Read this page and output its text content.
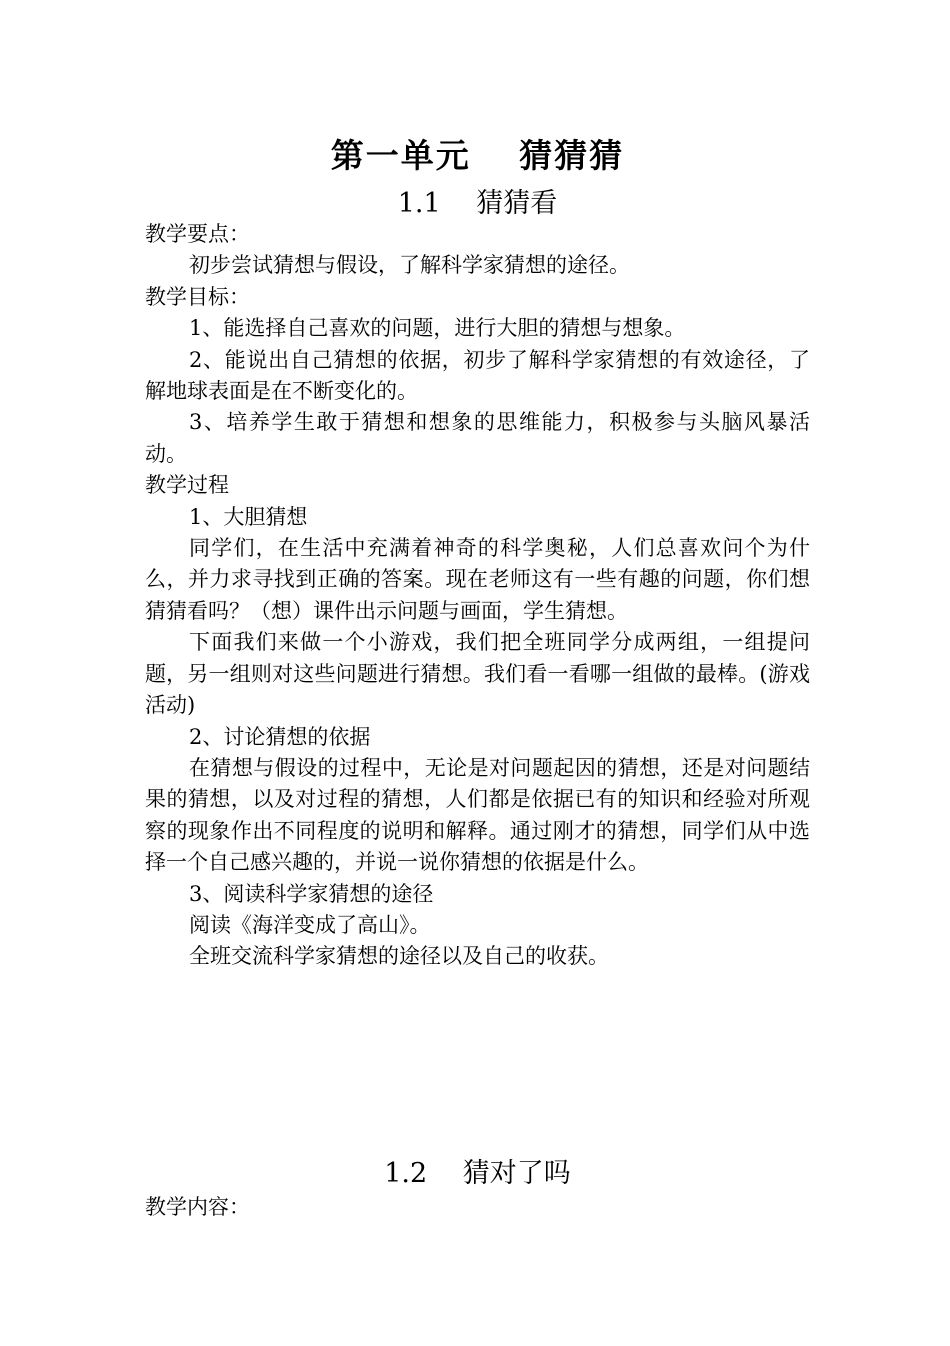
第一单元　 猜猜猜
1.1　 猜猜看

教学要点：

初步尝试猜想与假设，了解科学家猜想的途径。

教学目标：

1、能选择自己喜欢的问题，进行大胆的猜想与想象。

2、能说出自己猜想的依据，初步了解科学家猜想的有效途径，了解地球表面是在不断变化的。

3、培养学生敢于猜想和想象的思维能力，积极参与头脑风暴活动。

教学过程

1、大胆猜想

同学们，在生活中充满着神奇的科学奥秘，人们总喜欢问个为什么，并力求寻找到正确的答案。现在老师这有一些有趣的问题，你们想猜猜看吗？（想）课件出示问题与画面，学生猜想。

下面我们来做一个小游戏，我们把全班同学分成两组，一组提问题，另一组则对这些问题进行猜想。我们看一看哪一组做的最棒。(游戏活动)

2、讨论猜想的依据

在猜想与假设的过程中，无论是对问题起因的猜想，还是对问题结果的猜想，以及对过程的猜想，人们都是依据已有的知识和经验对所观察的现象作出不同程度的说明和解释。通过刚才的猜想，同学们从中选择一个自己感兴趣的，并说一说你猜想的依据是什么。

3、阅读科学家猜想的途径

阅读《海洋变成了高山》。

全班交流科学家猜想的途径以及自己的收获。

1.2　 猜对了吗
教学内容：
